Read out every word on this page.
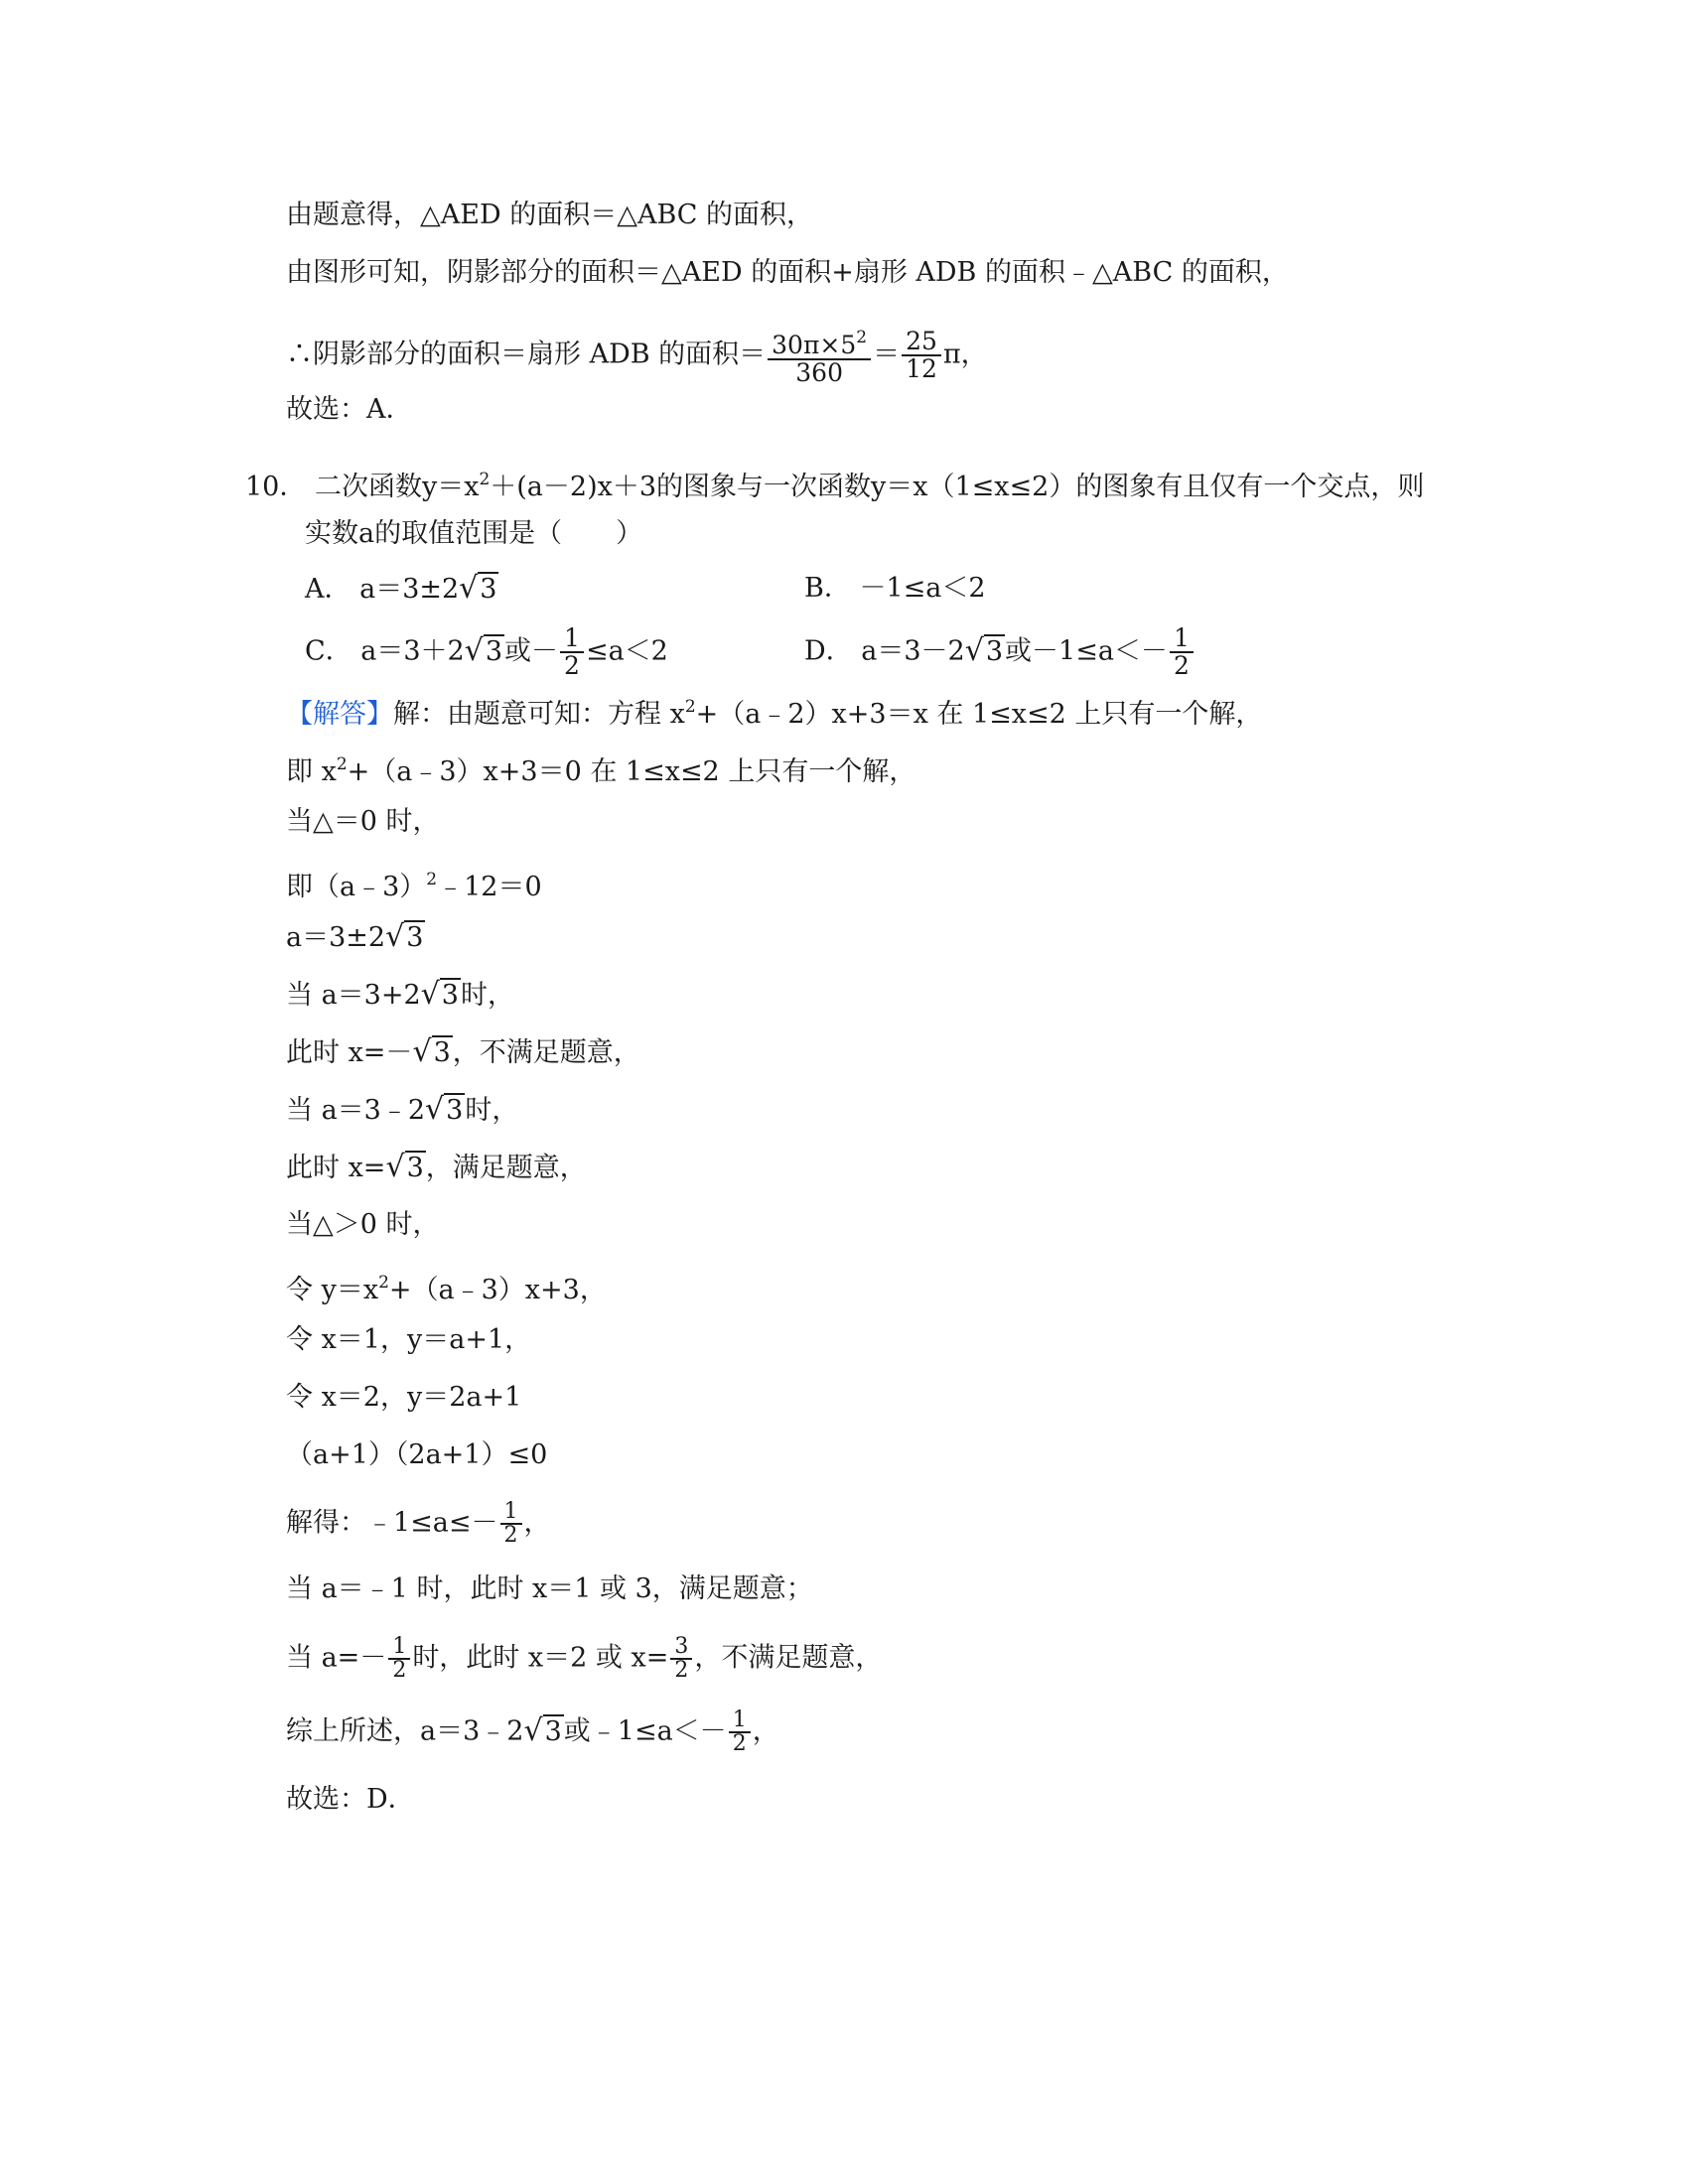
由题意得，△AED 的面积＝△ABC 的面积，
由图形可知，阴影部分的面积＝△AED 的面积+扇形 ADB 的面积﹣△ABC 的面积，
∴阴影部分的面积＝扇形 ADB 的面积＝ $\frac{30\pi\times 5^2}{360} = \frac{25}{12}$ π，
故选：A．
10． 二次函数$y=x^2+(a-2)x+3$的图象与一次函数y＝x（1≤x≤2）的图象有且仅有一个交点，则
实数a的取值范围是（　　）
A． a＝3±2√3	B． －1≤a＜2
C． a＝3＋2√3或－ $\frac{1}{2} \le a<2$	D． a＝3－2√3或$-1\le a<- \frac{1}{2}$
【解答】解：由题意可知：方程 $x^2+(a﹣2)x+3=x$ 在 1≤x≤2 上只有一个解，
即 $x^2+(a﹣3)x+3=0$ 在 1≤x≤2 上只有一个解，
当△＝0 时，
即（a﹣3）$^2$﹣12＝0
a＝3±2√3
当 a＝3+2√3时，
此时 x=－√3，不满足题意，
当 a＝3﹣2√3时，
此时 x=√3，满足题意，
当△＞0 时，
令 $y=x^2+(a﹣3)x+3$，
令 x＝1，y＝a+1，
令 x＝2，y＝2a+1
（a+1）（2a+1）≤0
解得：﹣1≤a≤－ $\frac{1}{2}$ ，
当 a＝﹣1 时，此时 x＝1 或 3，满足题意；
当 $a=- \frac{1}{2}$ 时，此时 x＝2 或 $x= \frac{3}{2}$ ，不满足题意，
综上所述，a＝3﹣2√3或﹣1≤a＜－ $\frac{1}{2}$ ，
故选：D．
